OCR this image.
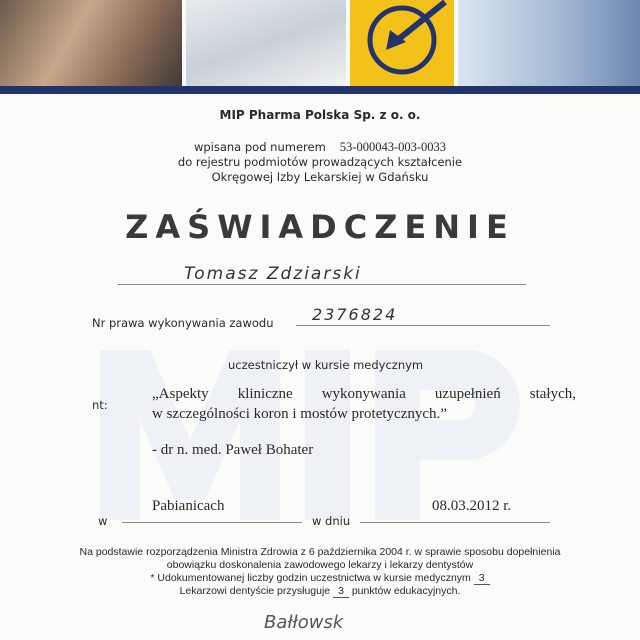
MIP Pharma Polska Sp. z o. o.
wpisana pod numerem 53-000043-003-0033
do rejestru podmiotów prowadzących kształcenie
Okręgowej Izby Lekarskiej w Gdańsku
ZAŚWIADCZENIE
Tomasz Zdziarski
Nr prawa wykonywania zawodu 2376824
uczestniczył w kursie medycznym
nt:
„Aspekty kliniczne wykonywania uzupełnień stałych,
w szczególności koron i mostów protetycznych.”
- dr n. med. Paweł Bohater
Pabianicach
w	w dniu
08.03.2012 r.
Na podstawie rozporządzenia Ministra Zdrowia z 6 października 2004 r. w sprawie sposobu dopełnienia
obowiązku doskonalenia zawodowego lekarzy i lekarzy dentystów
* Udokumentowanej liczby godzin uczestnictwa w kursie medycznym 3
Lekarzowi dentyście przysługuje 3 punktów edukacyjnych.
Bałłowsk
